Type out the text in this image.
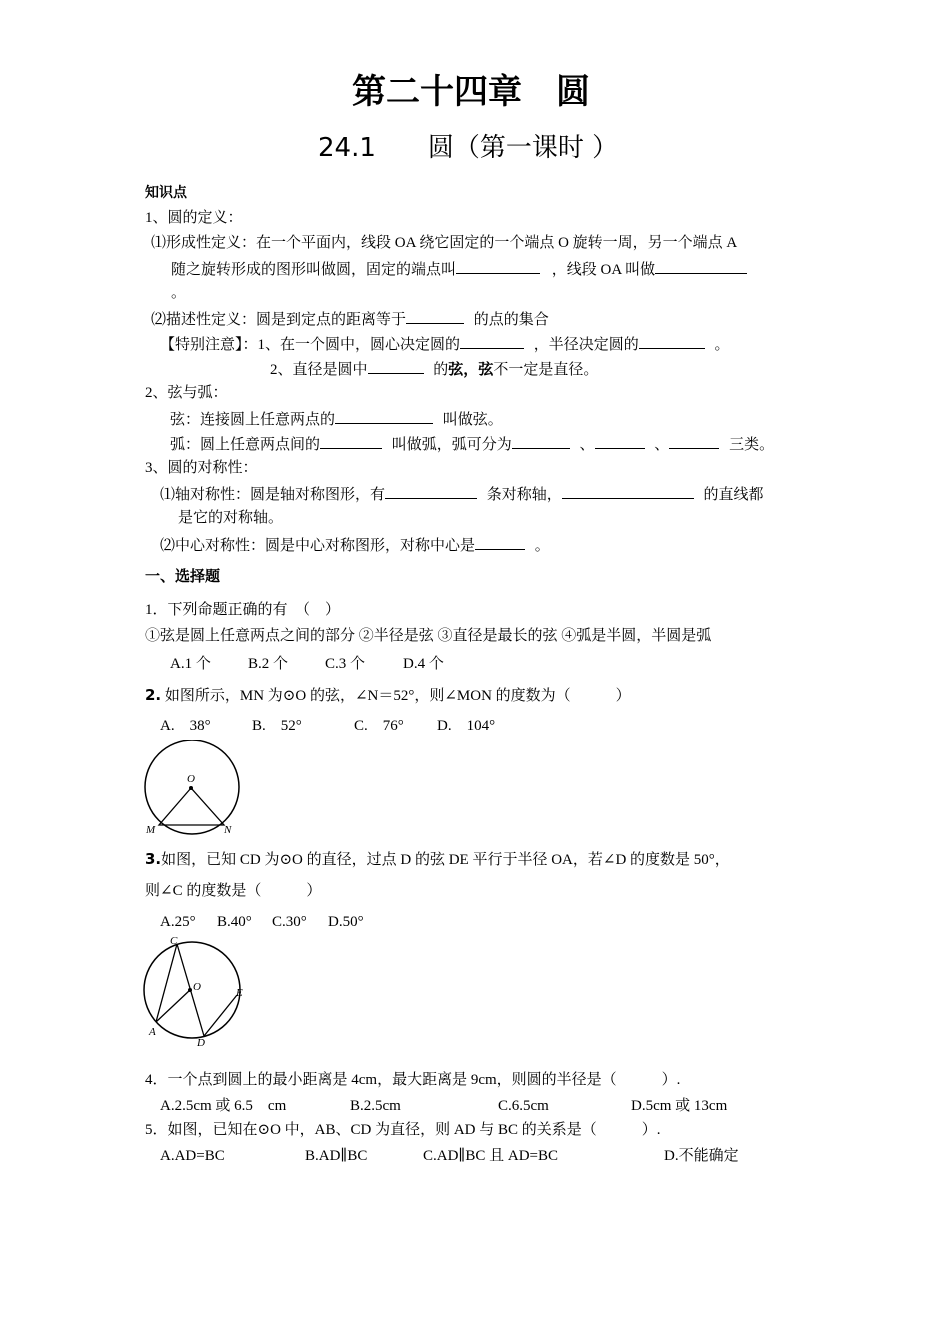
第二十四章　圆
24.1　　圆（第一课时 ）
知识点
1、圆的定义：
⑴形成性定义：在一个平面内，线段 OA 绕它固定的一个端点 O 旋转一周，另一个端点 A
随之旋转形成的图形叫做圆，固定的端点叫	，线段 OA 叫做
。
⑵描述性定义：圆是到定点的距离等于	的点的集合
【特别注意】：1、在一个圆中，圆心决定圆的	，半径决定圆的	。
2、直径是圆中	的弦，弦不一定是直径。
2、弦与弧：
弦：连接圆上任意两点的	叫做弦。
弧：圆上任意两点间的	叫做弧，弧可分为	、	、	三类。
3、圆的对称性：
⑴轴对称性：圆是轴对称图形，有	条对称轴，	的直线都
是它的对称轴。
⑵中心对称性：圆是中心对称图形，对称中心是	。
一、选择题
1．下列命题正确的有　（　）
①弦是圆上任意两点之间的部分 ②半径是弦 ③直径是最长的弦 ④弧是半圆，半圆是弧
A.1 个 B.2 个 C.3 个	D.4 个
2. 如图所示，MN 为⊙O 的弦，∠N＝52°，则∠MON 的度数为（　　　）
A.　38°	B.　52°	C.　76° D.　104°
O
M	N
3.如图，已知 CD 为⊙O 的直径，过点 D 的弦 DE 平行于半径 OA，若∠D 的度数是 50°，
则∠C 的度数是（　　　）
A.25° B.40° C.30° D.50°
C
O	E
A
D
4．一个点到圆上的最小距离是 4cm，最大距离是 9cm，则圆的半径是（　　　）.
A.2.5cm 或 6.5　cm	B.2.5cm	C.6.5cm	D.5cm 或 13cm
5．如图，已知在⊙O 中，AB、CD 为直径，则 AD 与 BC 的关系是（　　　）.
A.AD=BC	B.AD∥BC	C.AD∥BC 且 AD=BC	D.不能确定
